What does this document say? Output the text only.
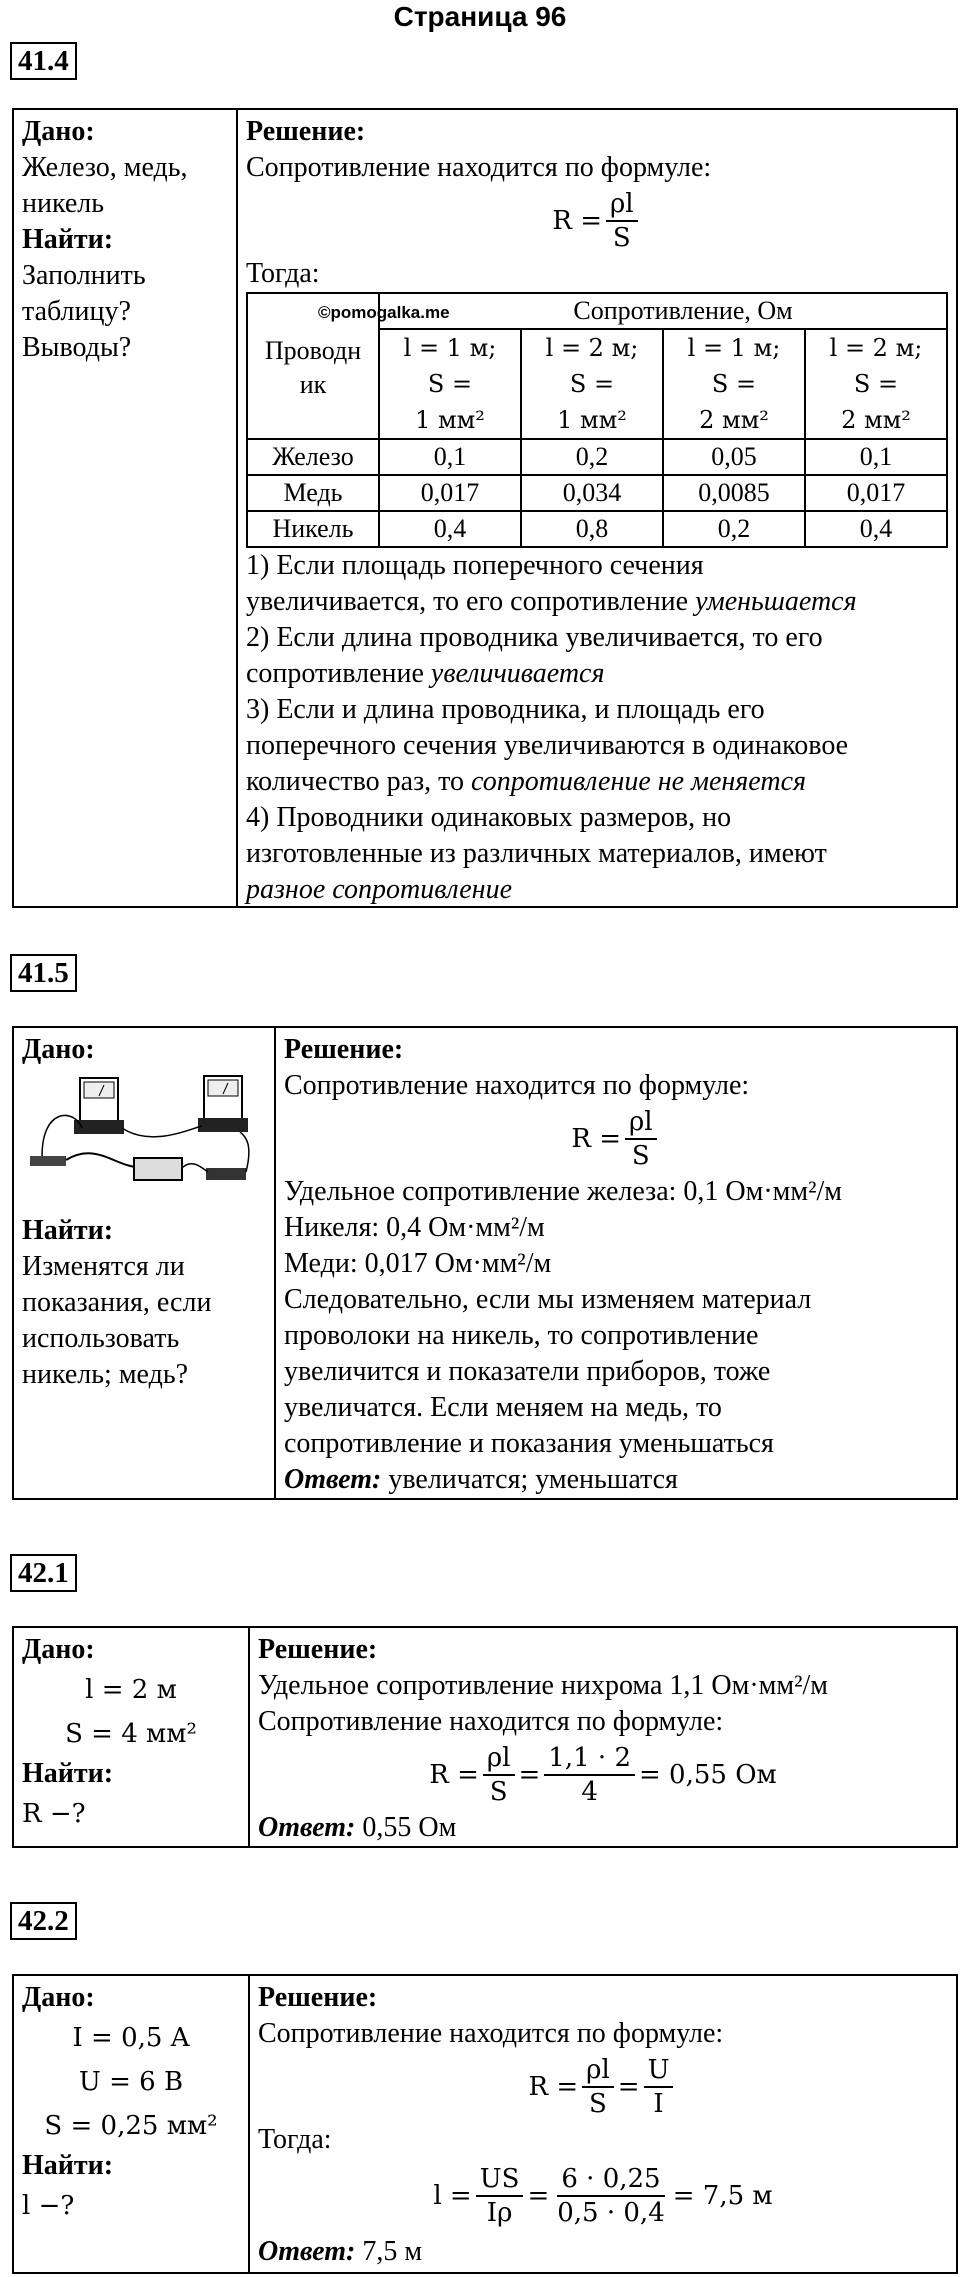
Страница 96
41.4
Дано:
Железо, медь,
никель
Найти:
Заполнить
таблицу?
Выводы?
Решение:
Сопротивление находится по формуле:
$R = \frac{\rho l}{S}$
Тогда:
Проводн
ик	©pomogalka.me Сопротивление, Ом			
	l = 1 м;
S =
1 мм²	l = 2 м;
S =
1 мм²	l = 1 м;
S =
2 мм²	l = 2 м;
S =
2 мм²
Железо	0,1	0,2	0,05	0,1
Медь	0,017	0,034	0,0085	0,017
Никель	0,4	0,8	0,2	0,4
1) Если площадь поперечного сечения
увеличивается, то его сопротивление уменьшается
2) Если длина проводника увеличивается, то его
сопротивление увеличивается
3) Если и длина проводника, и площадь его
поперечного сечения увеличиваются в одинаковое
количество раз, то сопротивление не меняется
4) Проводники одинаковых размеров, но
изготовленные из различных материалов, имеют
разное сопротивление
41.5
Дано:
Найти:
Изменятся ли
показания, если
использовать
никель; медь?
Решение:
Сопротивление находится по формуле:
$R = \frac{\rho l}{S}$
Удельное сопротивление железа: 0,1 Ом·мм²/м
Никеля: 0,4 Ом·мм²/м
Меди: 0,017 Ом·мм²/м
Следовательно, если мы изменяем материал
проволоки на никель, то сопротивление
увеличится и показатели приборов, тоже
увеличатся. Если меняем на медь, то
сопротивление и показания уменьшаться
Ответ: увеличатся; уменьшатся
42.1
Дано:
l = 2 м
S = 4 мм²
Найти:
R −?
Решение:
Удельное сопротивление нихрома 1,1 Ом·мм²/м
Сопротивление находится по формуле:
$R = \frac{\rho l}{S} = \frac{1,1 \cdot 2}{4} = 0,55$ Ом
Ответ: 0,55 Ом
42.2
Дано:
I = 0,5 A
U = 6 B
S = 0,25 мм²
Найти:
l −?
Решение:
Сопротивление находится по формуле:
$R = \frac{\rho l}{S} = \frac{U}{I}$
Тогда:
$l = \frac{US}{I\rho} = \frac{6 \cdot 0,25}{0,5 \cdot 0,4} = 7,5$ м
Ответ: 7,5 м
